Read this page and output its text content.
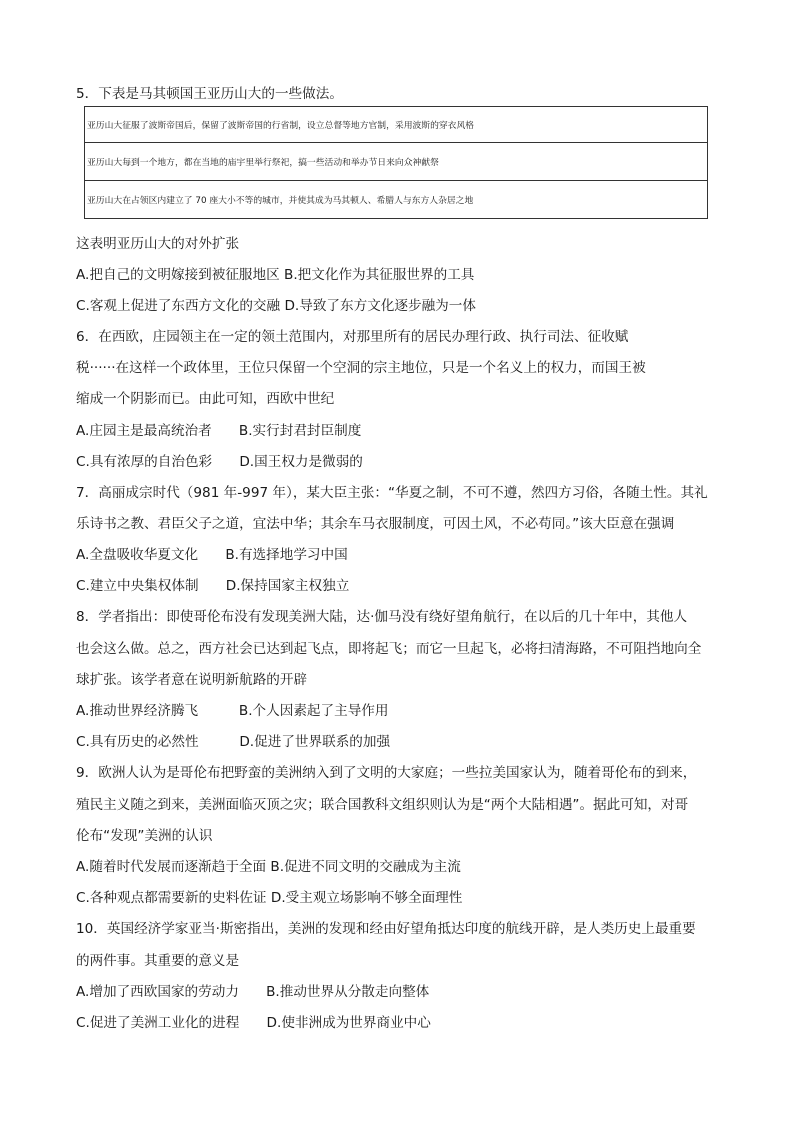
5．下表是马其顿国王亚历山大的一些做法。
亚历山大征服了波斯帝国后，保留了波斯帝国的行省制，设立总督等地方官制，采用波斯的穿衣风格
亚历山大每到一个地方，都在当地的庙宇里举行祭祀，搞一些活动和举办节日来向众神献祭
亚历山大在占领区内建立了 70 座大小不等的城市，并使其成为马其顿人、希腊人与东方人杂居之地
这表明亚历山大的对外扩张
A.把自己的文明嫁接到被征服地区 B.把文化作为其征服世界的工具
C.客观上促进了东西方文化的交融 D.导致了东方文化逐步融为一体
6．在西欧，庄园领主在一定的领土范围内，对那里所有的居民办理行政、执行司法、征收赋
税······在这样一个政体里，王位只保留一个空洞的宗主地位，只是一个名义上的权力，而国王被
缩成一个阴影而已。由此可知，西欧中世纪
A.庄园主是最高统治者　　B.实行封君封臣制度
C.具有浓厚的自治色彩　　D.国王权力是微弱的
7．高丽成宗时代（981 年-997 年），某大臣主张：“华夏之制，不可不遵，然四方习俗，各随土性。其礼
乐诗书之教、君臣父子之道，宜法中华；其余车马衣服制度，可因土风，不必苟同。”该大臣意在强调
A.全盘吸收华夏文化　　B.有选择地学习中国
C.建立中央集权体制　　D.保持国家主权独立
8．学者指出：即使哥伦布没有发现美洲大陆，达·伽马没有绕好望角航行，在以后的几十年中，其他人
也会这么做。总之，西方社会已达到起飞点，即将起飞；而它一旦起飞，必将扫清海路，不可阻挡地向全
球扩张。该学者意在说明新航路的开辟
A.推动世界经济腾飞　　　B.个人因素起了主导作用
C.具有历史的必然性　　　D.促进了世界联系的加强
9．欧洲人认为是哥伦布把野蛮的美洲纳入到了文明的大家庭；一些拉美国家认为，随着哥伦布的到来，
殖民主义随之到来，美洲面临灭顶之灾；联合国教科文组织则认为是“两个大陆相遇”。据此可知，对哥
伦布“发现”美洲的认识
A.随着时代发展而逐渐趋于全面 B.促进不同文明的交融成为主流
C.各种观点都需要新的史料佐证 D.受主观立场影响不够全面理性
10．英国经济学家亚当·斯密指出，美洲的发现和经由好望角抵达印度的航线开辟，是人类历史上最重要
的两件事。其重要的意义是
A.增加了西欧国家的劳动力　　B.推动世界从分散走向整体
C.促进了美洲工业化的进程　　D.使非洲成为世界商业中心
